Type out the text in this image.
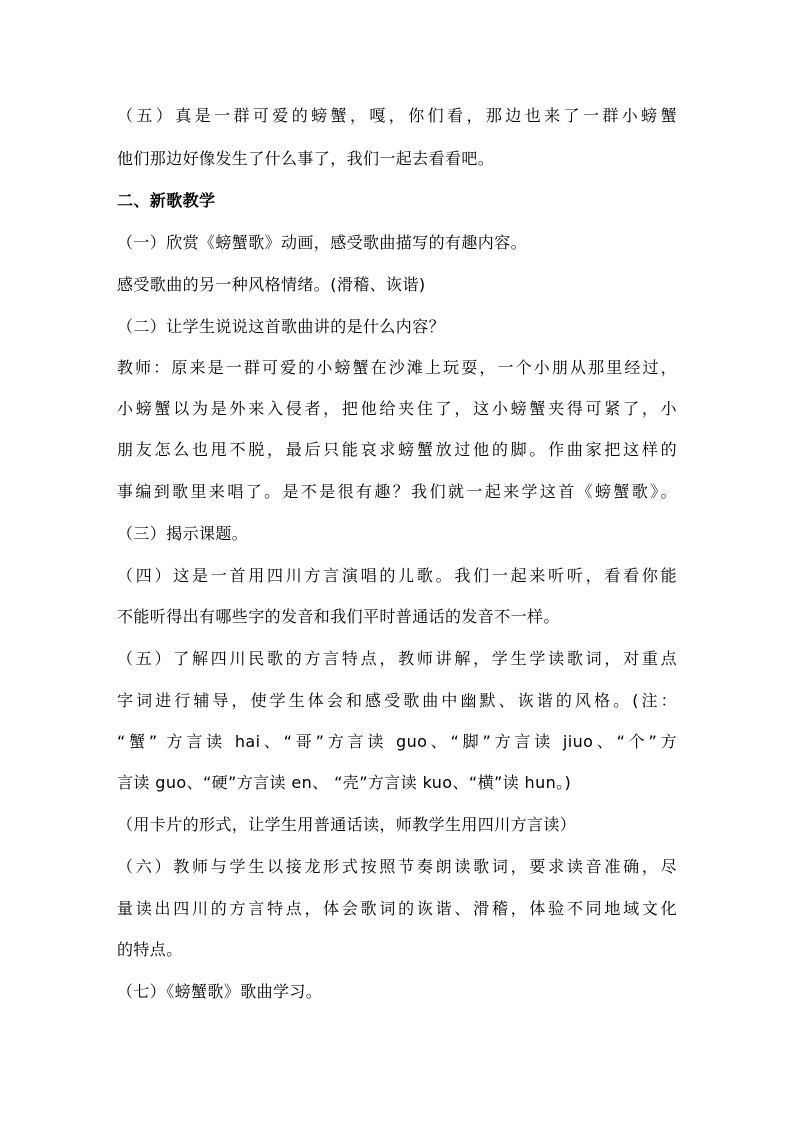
（五）真是一群可爱的螃蟹，嘎，你们看，那边也来了一群小螃蟹
他们那边好像发生了什么事了，我们一起去看看吧。
二、新歌教学
（一）欣赏《螃蟹歌》动画，感受歌曲描写的有趣内容。
感受歌曲的另一种风格情绪。(滑稽、诙谐)
（二）让学生说说这首歌曲讲的是什么内容？
教师：原来是一群可爱的小螃蟹在沙滩上玩耍，一个小朋从那里经过，
小螃蟹以为是外来入侵者，把他给夹住了，这小螃蟹夹得可紧了，小
朋友怎么也甩不脱，最后只能哀求螃蟹放过他的脚。作曲家把这样的
事编到歌里来唱了。是不是很有趣？我们就一起来学这首《螃蟹歌》。
（三）揭示课题。
（四）这是一首用四川方言演唱的儿歌。我们一起来听听，看看你能
不能听得出有哪些字的发音和我们平时普通话的发音不一样。
（五）了解四川民歌的方言特点，教师讲解，学生学读歌词，对重点
字词进行辅导，使学生体会和感受歌曲中幽默、诙谐的风格。(注：
“蟹” 方言读 hai、“哥”方言读 guo、“脚”方言读 jiuo、“个”方
言读 guo、“硬”方言读 en、 “壳”方言读 kuo、“横”读 hun。)
（用卡片的形式，让学生用普通话读，师教学生用四川方言读）
（六）教师与学生以接龙形式按照节奏朗读歌词，要求读音准确，尽
量读出四川的方言特点，体会歌词的诙谐、滑稽，体验不同地域文化
的特点。
（七）《螃蟹歌》歌曲学习。
